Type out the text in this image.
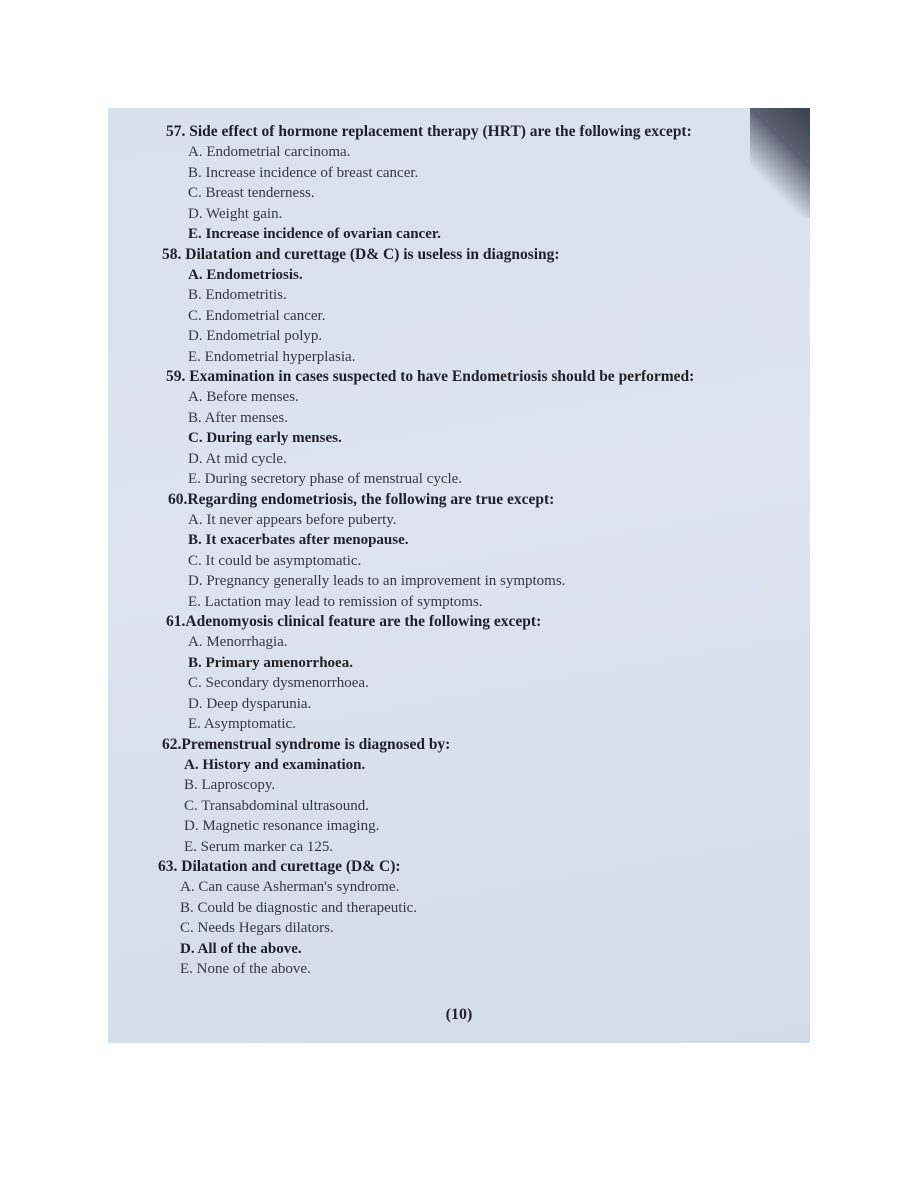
57. Side effect of hormone replacement therapy (HRT) are the following except:

A. Endometrial carcinoma.

B. Increase incidence of breast cancer.

C. Breast tenderness.

D. Weight gain.

E. Increase incidence of ovarian cancer.

58. Dilatation and curettage (D& C) is useless in diagnosing:

A. Endometriosis.

B. Endometritis.

C. Endometrial cancer.

D. Endometrial polyp.

E. Endometrial hyperplasia.

59. Examination in cases suspected to have Endometriosis should be performed:

A. Before menses.

B. After menses.

C. During early menses.

D. At mid cycle.

E. During secretory phase of menstrual cycle.

60.Regarding endometriosis, the following are true except:

A. It never appears before puberty.

B. It exacerbates after menopause.

C. It could be asymptomatic.

D. Pregnancy generally leads to an improvement in symptoms.

E. Lactation may lead to remission of symptoms.

61.Adenomyosis clinical feature are the following except:

A. Menorrhagia.

B. Primary amenorrhoea.

C. Secondary dysmenorrhoea.

D. Deep dysparunia.

E. Asymptomatic.

62.Premenstrual syndrome is diagnosed by:

A. History and examination.

B. Laproscopy.

C. Transabdominal ultrasound.

D. Magnetic resonance imaging.

E. Serum marker ca 125.

63. Dilatation and curettage (D& C):

A. Can cause Asherman's syndrome.

B. Could be diagnostic and therapeutic.

C. Needs Hegars dilators.

D. All of the above.

E. None of the above.

(10)
